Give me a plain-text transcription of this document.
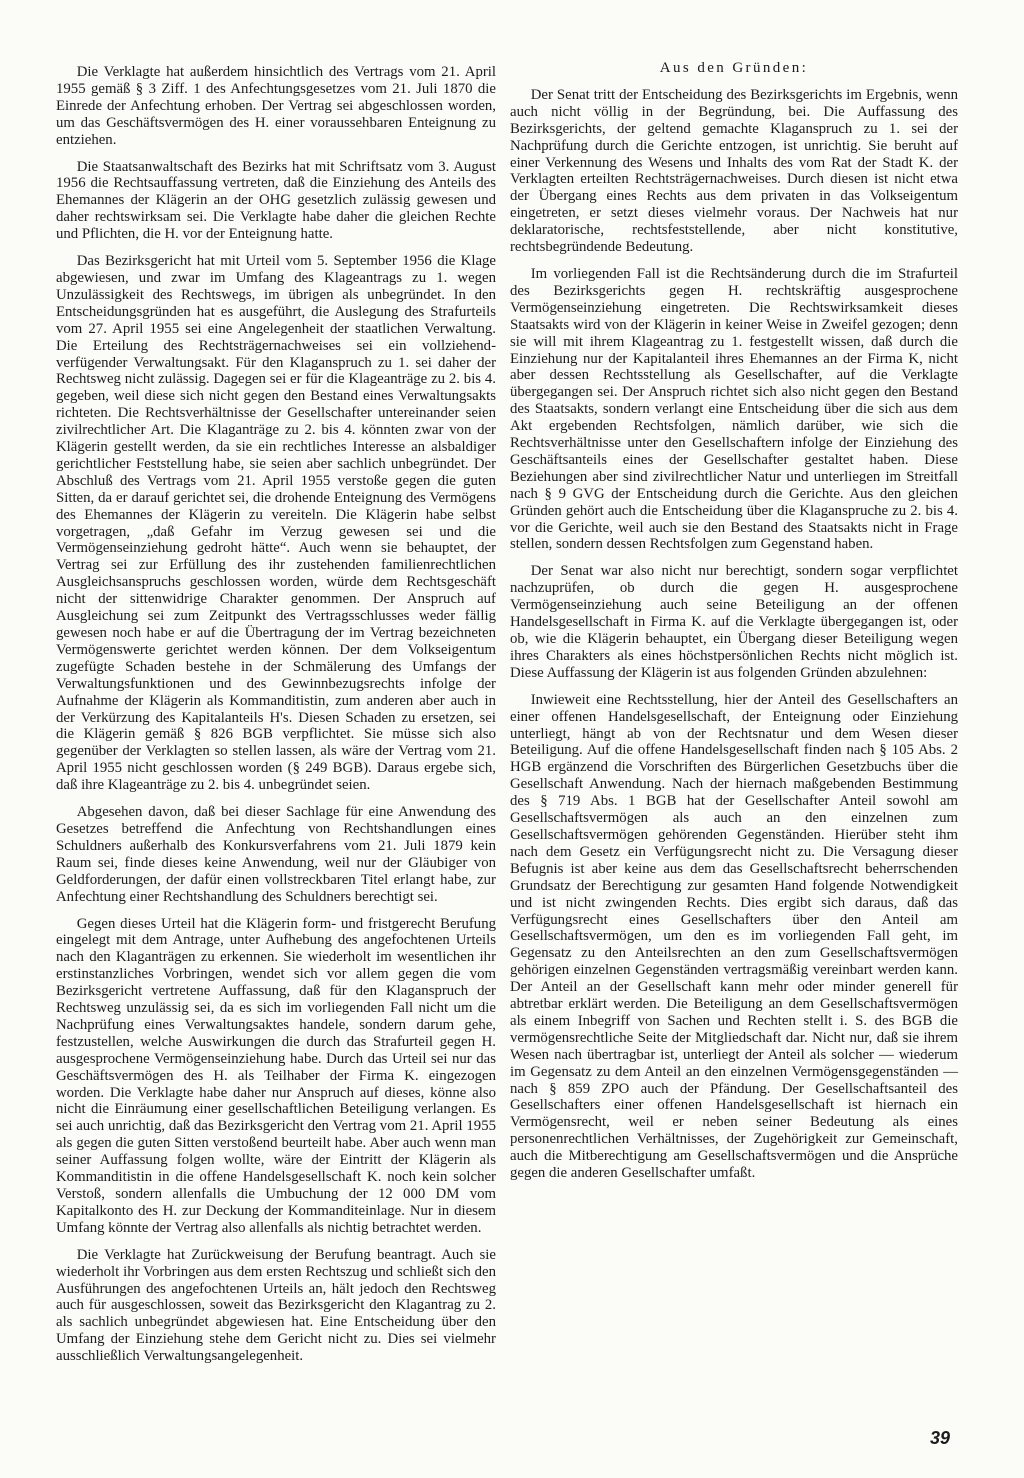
Die Verklagte hat außerdem hinsichtlich des Vertrags vom 21. April 1955 gemäß § 3 Ziff. 1 des Anfechtungsgesetzes vom 21. Juli 1870 die Einrede der Anfechtung erhoben. Der Vertrag sei abgeschlossen worden, um das Geschäftsvermögen des H. einer voraussehbaren Enteignung zu entziehen.

Die Staatsanwaltschaft des Bezirks hat mit Schriftsatz vom 3. August 1956 die Rechtsauffassung vertreten, daß die Einziehung des Anteils des Ehemannes der Klägerin an der OHG gesetzlich zulässig gewesen und daher rechtswirksam sei. Die Verklagte habe daher die gleichen Rechte und Pflichten, die H. vor der Enteignung hatte.

Das Bezirksgericht hat mit Urteil vom 5. September 1956 die Klage abgewiesen, und zwar im Umfang des Klageantrags zu 1. wegen Unzulässigkeit des Rechtswegs, im übrigen als unbegründet. In den Entscheidungsgründen hat es ausgeführt, die Auslegung des Strafurteils vom 27. April 1955 sei eine Angelegenheit der staatlichen Verwaltung. Die Erteilung des Rechtsträgernachweises sei ein vollziehend-verfügender Verwaltungsakt. Für den Klaganspruch zu 1. sei daher der Rechtsweg nicht zulässig. Dagegen sei er für die Klageanträge zu 2. bis 4. gegeben, weil diese sich nicht gegen den Bestand eines Verwaltungsakts richteten. Die Rechtsverhältnisse der Gesellschafter untereinander seien zivilrechtlicher Art. Die Klaganträge zu 2. bis 4. könnten zwar von der Klägerin gestellt werden, da sie ein rechtliches Interesse an alsbaldiger gerichtlicher Feststellung habe, sie seien aber sachlich unbegründet. Der Abschluß des Vertrags vom 21. April 1955 verstoße gegen die guten Sitten, da er darauf gerichtet sei, die drohende Enteignung des Vermögens des Ehemannes der Klägerin zu vereiteln. Die Klägerin habe selbst vorgetragen, „daß Gefahr im Verzug gewesen sei und die Vermögenseinziehung gedroht hätte“. Auch wenn sie behauptet, der Vertrag sei zur Erfüllung des ihr zustehenden familienrechtlichen Ausgleichsanspruchs geschlossen worden, würde dem Rechtsgeschäft nicht der sittenwidrige Charakter genommen. Der Anspruch auf Ausgleichung sei zum Zeitpunkt des Vertragsschlusses weder fällig gewesen noch habe er auf die Übertragung der im Vertrag bezeichneten Vermögenswerte gerichtet werden können. Der dem Volkseigentum zugefügte Schaden bestehe in der Schmälerung des Umfangs der Verwaltungsfunktionen und des Gewinnbezugsrechts infolge der Aufnahme der Klägerin als Kommanditistin, zum anderen aber auch in der Verkürzung des Kapitalanteils H's. Diesen Schaden zu ersetzen, sei die Klägerin gemäß § 826 BGB verpflichtet. Sie müsse sich also gegenüber der Verklagten so stellen lassen, als wäre der Vertrag vom 21. April 1955 nicht geschlossen worden (§ 249 BGB). Daraus ergebe sich, daß ihre Klageanträge zu 2. bis 4. unbegründet seien.

Abgesehen davon, daß bei dieser Sachlage für eine Anwendung des Gesetzes betreffend die Anfechtung von Rechtshandlungen eines Schuldners außerhalb des Konkursverfahrens vom 21. Juli 1879 kein Raum sei, finde dieses keine Anwendung, weil nur der Gläubiger von Geldforderungen, der dafür einen vollstreckbaren Titel erlangt habe, zur Anfechtung einer Rechtshandlung des Schuldners berechtigt sei.

Gegen dieses Urteil hat die Klägerin form- und fristgerecht Berufung eingelegt mit dem Antrage, unter Aufhebung des angefochtenen Urteils nach den Klaganträgen zu erkennen. Sie wiederholt im wesentlichen ihr erstinstanzliches Vorbringen, wendet sich vor allem gegen die vom Bezirksgericht vertretene Auffassung, daß für den Klaganspruch der Rechtsweg unzulässig sei, da es sich im vorliegenden Fall nicht um die Nachprüfung eines Verwaltungsaktes handele, sondern darum gehe, festzustellen, welche Auswirkungen die durch das Strafurteil gegen H. ausgesprochene Vermögenseinziehung habe. Durch das Urteil sei nur das Geschäftsvermögen des H. als Teilhaber der Firma K. eingezogen worden. Die Verklagte habe daher nur Anspruch auf dieses, könne also nicht die Einräumung einer gesellschaftlichen Beteiligung verlangen. Es sei auch unrichtig, daß das Bezirksgericht den Vertrag vom 21. April 1955 als gegen die guten Sitten verstoßend beurteilt habe. Aber auch wenn man seiner Auffassung folgen wollte, wäre der Eintritt der Klägerin als Kommanditistin in die offene Handelsgesellschaft K. noch kein solcher Verstoß, sondern allenfalls die Umbuchung der 12 000 DM vom Kapitalkonto des H. zur Deckung der Kommanditeinlage. Nur in diesem Umfang könnte der Vertrag also allenfalls als nichtig betrachtet werden.

Die Verklagte hat Zurückweisung der Berufung beantragt. Auch sie wiederholt ihr Vorbringen aus dem ersten Rechtszug und schließt sich den Ausführungen des angefochtenen Urteils an, hält jedoch den Rechtsweg auch für ausgeschlossen, soweit das Bezirksgericht den Klagantrag zu 2. als sachlich unbegründet abgewiesen hat. Eine Entscheidung über den Umfang der Einziehung stehe dem Gericht nicht zu. Dies sei vielmehr ausschließlich Verwaltungsangelegenheit.

Aus den Gründen:

Der Senat tritt der Entscheidung des Bezirksgerichts im Ergebnis, wenn auch nicht völlig in der Begründung, bei. Die Auffassung des Bezirksgerichts, der geltend gemachte Klaganspruch zu 1. sei der Nachprüfung durch die Gerichte entzogen, ist unrichtig. Sie beruht auf einer Verkennung des Wesens und Inhalts des vom Rat der Stadt K. der Verklagten erteilten Rechtsträgernachweises. Durch diesen ist nicht etwa der Übergang eines Rechts aus dem privaten in das Volkseigentum eingetreten, er setzt dieses vielmehr voraus. Der Nachweis hat nur deklaratorische, rechtsfeststellende, aber nicht konstitutive, rechtsbegründende Bedeutung.

Im vorliegenden Fall ist die Rechtsänderung durch die im Strafurteil des Bezirksgerichts gegen H. rechtskräftig ausgesprochene Vermögenseinziehung eingetreten. Die Rechtswirksamkeit dieses Staatsakts wird von der Klägerin in keiner Weise in Zweifel gezogen; denn sie will mit ihrem Klageantrag zu 1. festgestellt wissen, daß durch die Einziehung nur der Kapitalanteil ihres Ehemannes an der Firma K, nicht aber dessen Rechtsstellung als Gesellschafter, auf die Verklagte übergegangen sei. Der Anspruch richtet sich also nicht gegen den Bestand des Staatsakts, sondern verlangt eine Entscheidung über die sich aus dem Akt ergebenden Rechtsfolgen, nämlich darüber, wie sich die Rechtsverhältnisse unter den Gesellschaftern infolge der Einziehung des Geschäftsanteils eines der Gesellschafter gestaltet haben. Diese Beziehungen aber sind zivilrechtlicher Natur und unterliegen im Streitfall nach § 9 GVG der Entscheidung durch die Gerichte. Aus den gleichen Gründen gehört auch die Entscheidung über die Klaganspruche zu 2. bis 4. vor die Gerichte, weil auch sie den Bestand des Staatsakts nicht in Frage stellen, sondern dessen Rechtsfolgen zum Gegenstand haben.

Der Senat war also nicht nur berechtigt, sondern sogar verpflichtet nachzuprüfen, ob durch die gegen H. ausgesprochene Vermögenseinziehung auch seine Beteiligung an der offenen Handelsgesellschaft in Firma K. auf die Verklagte übergegangen ist, oder ob, wie die Klägerin behauptet, ein Übergang dieser Beteiligung wegen ihres Charakters als eines höchstpersönlichen Rechts nicht möglich ist. Diese Auffassung der Klägerin ist aus folgenden Gründen abzulehnen:

Inwieweit eine Rechtsstellung, hier der Anteil des Gesellschafters an einer offenen Handelsgesellschaft, der Enteignung oder Einziehung unterliegt, hängt ab von der Rechtsnatur und dem Wesen dieser Beteiligung. Auf die offene Handelsgesellschaft finden nach § 105 Abs. 2 HGB ergänzend die Vorschriften des Bürgerlichen Gesetzbuchs über die Gesellschaft Anwendung. Nach der hiernach maßgebenden Bestimmung des § 719 Abs. 1 BGB hat der Gesellschafter Anteil sowohl am Gesellschaftsvermögen als auch an den einzelnen zum Gesellschaftsvermögen gehörenden Gegenständen. Hierüber steht ihm nach dem Gesetz ein Verfügungsrecht nicht zu. Die Versagung dieser Befugnis ist aber keine aus dem das Gesellschaftsrecht beherrschenden Grundsatz der Berechtigung zur gesamten Hand folgende Notwendigkeit und ist nicht zwingenden Rechts. Dies ergibt sich daraus, daß das Verfügungsrecht eines Gesellschafters über den Anteil am Gesellschaftsvermögen, um den es im vorliegenden Fall geht, im Gegensatz zu den Anteilsrechten an den zum Gesellschaftsvermögen gehörigen einzelnen Gegenständen vertragsmäßig vereinbart werden kann. Der Anteil an der Gesellschaft kann mehr oder minder generell für abtretbar erklärt werden. Die Beteiligung an dem Gesellschaftsvermögen als einem Inbegriff von Sachen und Rechten stellt i. S. des BGB die vermögensrechtliche Seite der Mitgliedschaft dar. Nicht nur, daß sie ihrem Wesen nach übertragbar ist, unterliegt der Anteil als solcher — wiederum im Gegensatz zu dem Anteil an den einzelnen Vermögensgegenständen — nach § 859 ZPO auch der Pfändung. Der Gesellschaftsanteil des Gesellschafters einer offenen Handelsgesellschaft ist hiernach ein Vermögensrecht, weil er neben seiner Bedeutung als eines personenrechtlichen Verhältnisses, der Zugehörigkeit zur Gemeinschaft, auch die Mitberechtigung am Gesellschaftsvermögen und die Ansprüche gegen die anderen Gesellschafter umfaßt.

39
